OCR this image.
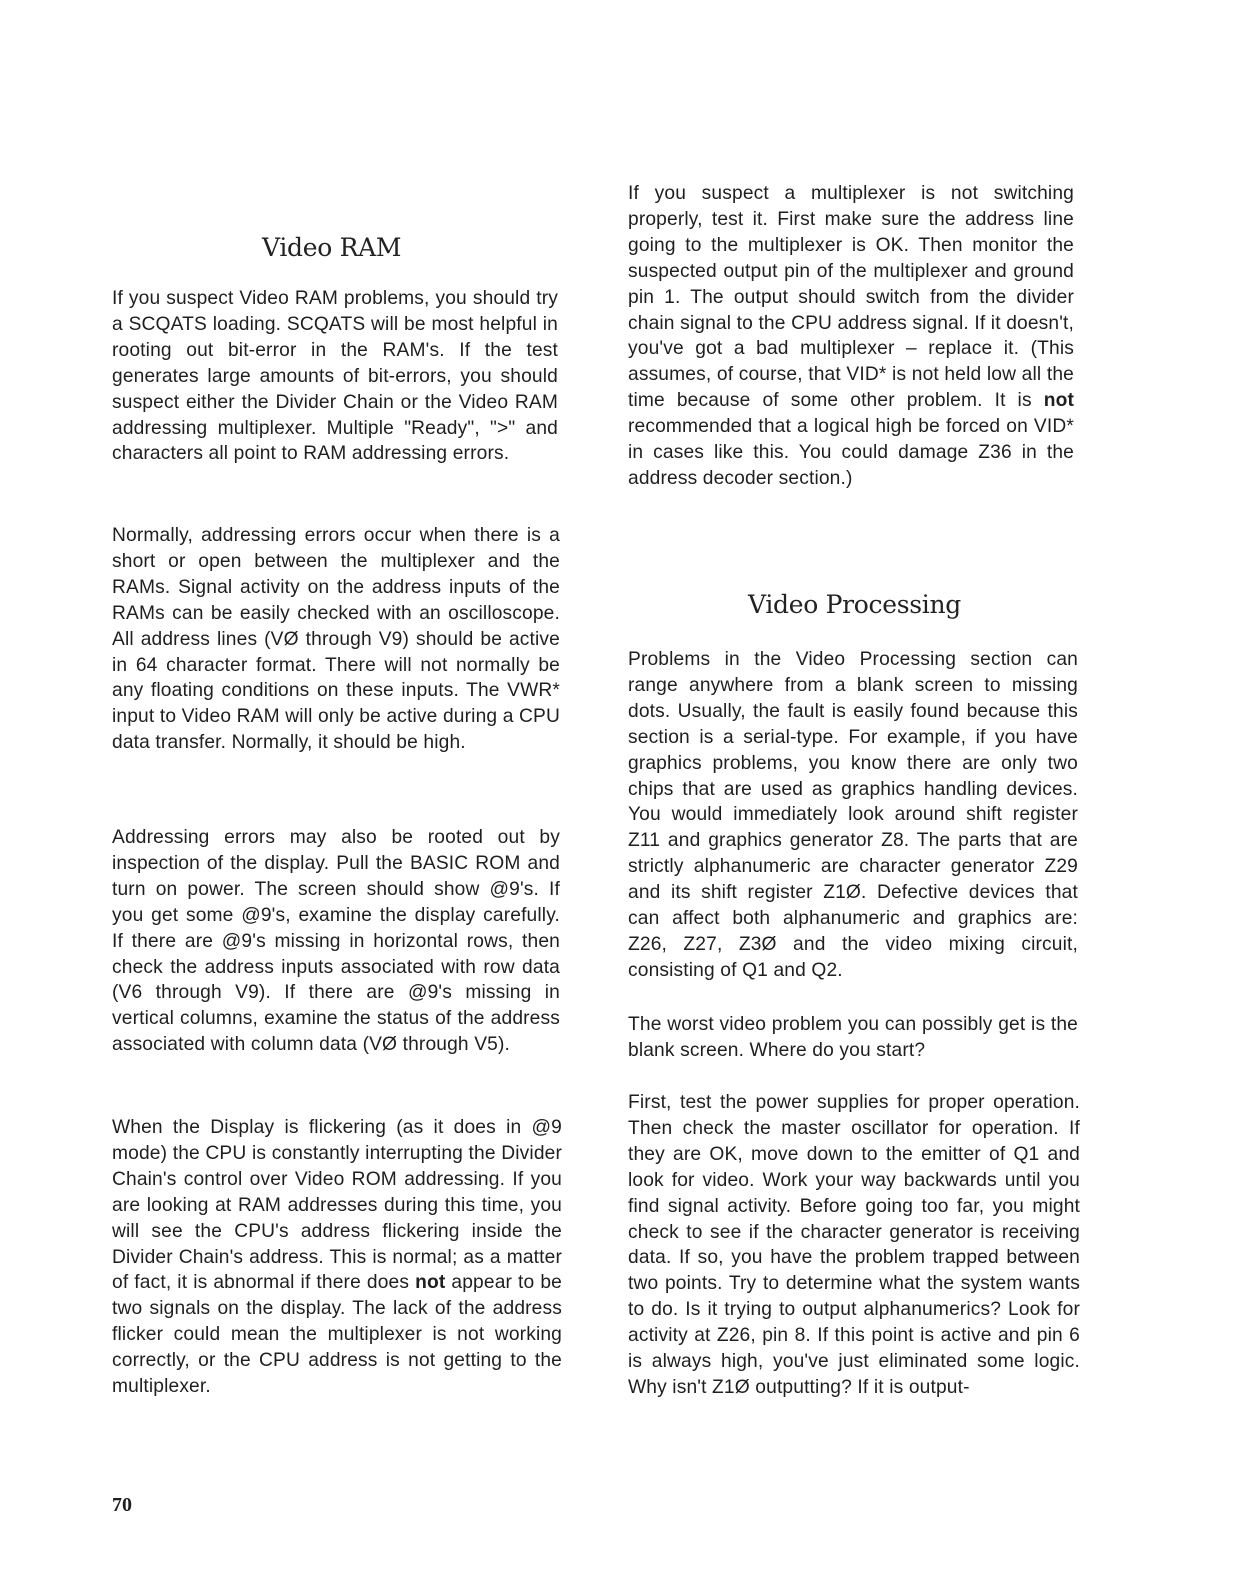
Video RAM

If you suspect Video RAM problems, you should try a SCQATS loading. SCQATS will be most helpful in rooting out bit-error in the RAM's. If the test generates large amounts of bit-errors, you should suspect either the Divider Chain or the Video RAM addressing multiplexer. Multiple "Ready", ">" and characters all point to RAM addressing errors.

Normally, addressing errors occur when there is a short or open between the multiplexer and the RAMs. Signal activity on the address inputs of the RAMs can be easily checked with an oscilloscope. All address lines (VØ through V9) should be active in 64 character format. There will not normally be any floating conditions on these inputs. The VWR* input to Video RAM will only be active during a CPU data transfer. Normally, it should be high.

Addressing errors may also be rooted out by inspection of the display. Pull the BASIC ROM and turn on power. The screen should show @9's. If you get some @9's, examine the display carefully. If there are @9's missing in horizontal rows, then check the address inputs associated with row data (V6 through V9). If there are @9's missing in vertical columns, examine the status of the address associated with column data (VØ through V5).

When the Display is flickering (as it does in @9 mode) the CPU is constantly interrupting the Divider Chain's control over Video ROM addressing. If you are looking at RAM addresses during this time, you will see the CPU's address flickering inside the Divider Chain's address. This is normal; as a matter of fact, it is abnormal if there does not appear to be two signals on the display. The lack of the address flicker could mean the multiplexer is not working correctly, or the CPU address is not getting to the multiplexer.

If you suspect a multiplexer is not switching properly, test it. First make sure the address line going to the multiplexer is OK. Then monitor the suspected output pin of the multiplexer and ground pin 1. The output should switch from the divider chain signal to the CPU address signal. If it doesn't, you've got a bad multiplexer – replace it. (This assumes, of course, that VID* is not held low all the time because of some other problem. It is not recommended that a logical high be forced on VID* in cases like this. You could damage Z36 in the address decoder section.)

Video Processing

Problems in the Video Processing section can range anywhere from a blank screen to missing dots. Usually, the fault is easily found because this section is a serial-type. For example, if you have graphics problems, you know there are only two chips that are used as graphics handling devices. You would immediately look around shift register Z11 and graphics generator Z8. The parts that are strictly alphanumeric are character generator Z29 and its shift register Z1Ø. Defective devices that can affect both alphanumeric and graphics are: Z26, Z27, Z3Ø and the video mixing circuit, consisting of Q1 and Q2.

The worst video problem you can possibly get is the blank screen. Where do you start?

First, test the power supplies for proper operation. Then check the master oscillator for operation. If they are OK, move down to the emitter of Q1 and look for video. Work your way backwards until you find signal activity. Before going too far, you might check to see if the character generator is receiving data. If so, you have the problem trapped between two points. Try to determine what the system wants to do. Is it trying to output alphanumerics? Look for activity at Z26, pin 8. If this point is active and pin 6 is always high, you've just eliminated some logic. Why isn't Z1Ø outputting? If it is output-

70
